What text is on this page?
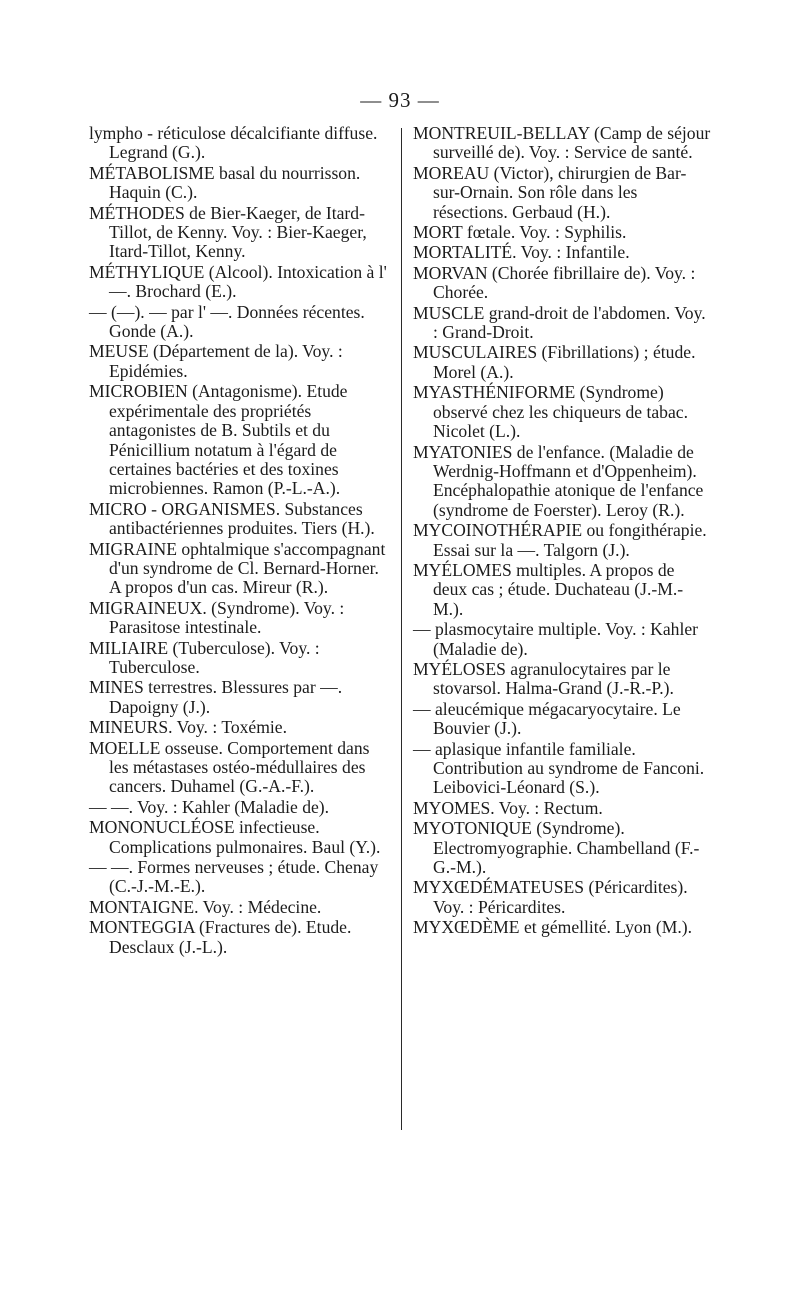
— 93 —

lympho - réticulose décalcifiante diffuse. Legrand (G.).

MÉTABOLISME basal du nourrisson. Haquin (C.).

MÉTHODES de Bier-Kaeger, de Itard-Tillot, de Kenny. Voy. : Bier-Kaeger, Itard-Tillot, Kenny.

MÉTHYLIQUE (Alcool). Intoxication à l' —. Brochard (E.).

— (—). — par l' —. Données récentes. Gonde (A.).

MEUSE (Département de la). Voy. : Epidémies.

MICROBIEN (Antagonisme). Etude expérimentale des propriétés antagonistes de B. Subtils et du Pénicillium notatum à l'égard de certaines bactéries et des toxines microbiennes. Ramon (P.-L.-A.).

MICRO - ORGANISMES. Substances antibactériennes produites. Tiers (H.).

MIGRAINE ophtalmique s'accompagnant d'un syndrome de Cl. Bernard-Horner. A propos d'un cas. Mireur (R.).

MIGRAINEUX. (Syndrome). Voy. : Parasitose intestinale.

MILIAIRE (Tuberculose). Voy. : Tuberculose.

MINES terrestres. Blessures par —. Dapoigny (J.).

MINEURS. Voy. : Toxémie.

MOELLE osseuse. Comportement dans les métastases ostéo-médullaires des cancers. Duhamel (G.-A.-F.).

— —. Voy. : Kahler (Maladie de).

MONONUCLÉOSE infectieuse. Complications pulmonaires. Baul (Y.).

— —. Formes nerveuses ; étude. Chenay (C.-J.-M.-E.).

MONTAIGNE. Voy. : Médecine.

MONTEGGIA (Fractures de). Etude. Desclaux (J.-L.).

MONTREUIL-BELLAY (Camp de séjour surveillé de). Voy. : Service de santé.

MOREAU (Victor), chirurgien de Bar-sur-Ornain. Son rôle dans les résections. Gerbaud (H.).

MORT fœtale. Voy. : Syphilis.

MORTALITÉ. Voy. : Infantile.

MORVAN (Chorée fibrillaire de). Voy. : Chorée.

MUSCLE grand-droit de l'abdomen. Voy. : Grand-Droit.

MUSCULAIRES (Fibrillations) ; étude. Morel (A.).

MYASTHÉNIFORME (Syndrome) observé chez les chiqueurs de tabac. Nicolet (L.).

MYATONIES de l'enfance. (Maladie de Werdnig-Hoffmann et d'Oppenheim). Encéphalopathie atonique de l'enfance (syndrome de Foerster). Leroy (R.).

MYCOINOTHÉRAPIE ou fongithérapie. Essai sur la —. Talgorn (J.).

MYÉLOMES multiples. A propos de deux cas ; étude. Duchateau (J.-M.-M.).

— plasmocytaire multiple. Voy. : Kahler (Maladie de).

MYÉLOSES agranulocytaires par le stovarsol. Halma-Grand (J.-R.-P.).

— aleucémique mégacaryocytaire. Le Bouvier (J.).

— aplasique infantile familiale. Contribution au syndrome de Fanconi. Leibovici-Léonard (S.).

MYOMES. Voy. : Rectum.

MYOTONIQUE (Syndrome). Electromyographie. Chambelland (F.-G.-M.).

MYXŒDÉMATEUSES (Péricardites). Voy. : Péricardites.

MYXŒDÈME et gémellité. Lyon (M.).
